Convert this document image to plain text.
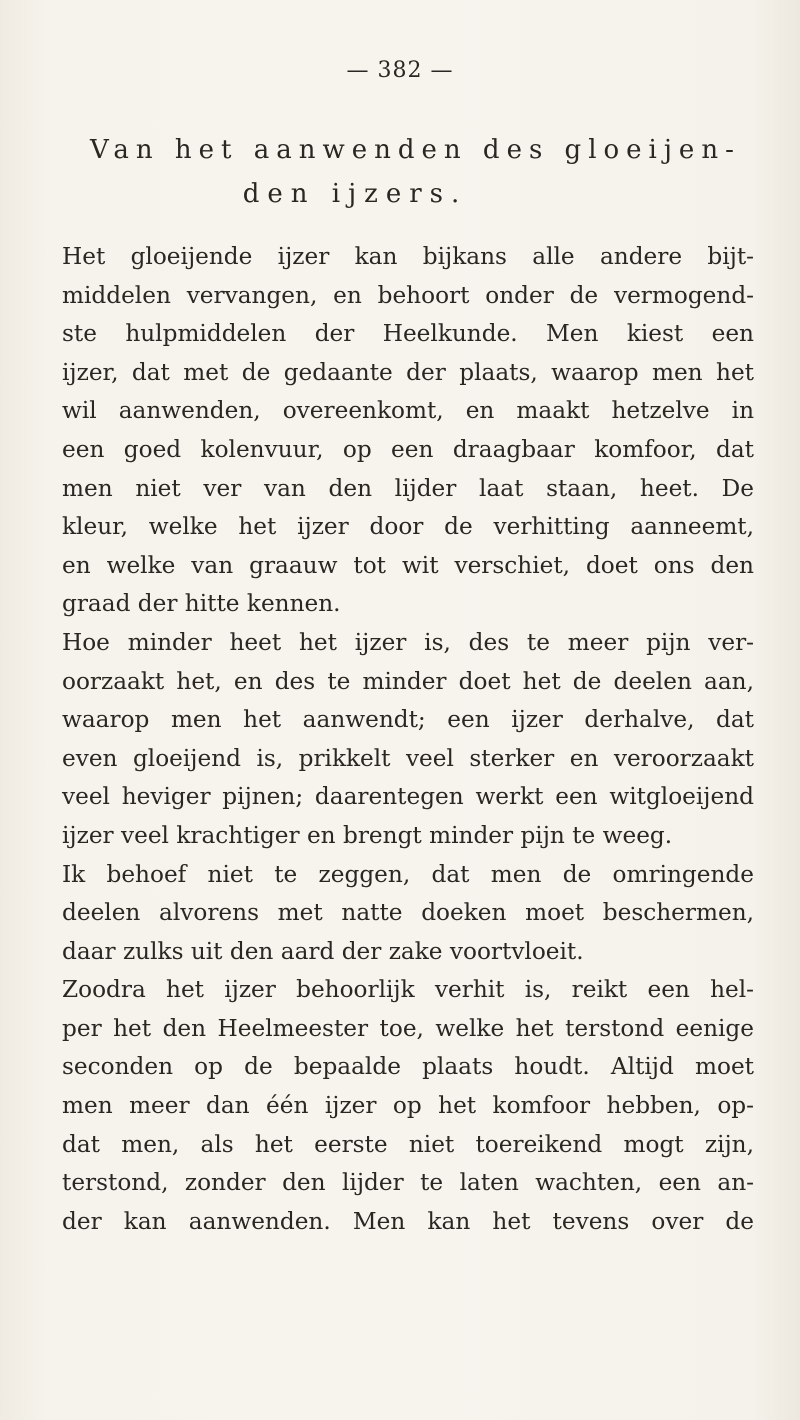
— 382 —
Van het aanwenden des gloeijen-
den ijzers.
Het gloeijende ijzer kan bijkans alle andere bijt-
middelen vervangen, en behoort onder de vermogend-
ste hulpmiddelen der Heelkunde. Men kiest een
ijzer, dat met de gedaante der plaats, waarop men het
wil aanwenden, overeenkomt, en maakt hetzelve in
een goed kolenvuur, op een draagbaar komfoor, dat
men niet ver van den lijder laat staan, heet. De
kleur, welke het ijzer door de verhitting aanneemt,
en welke van graauw tot wit verschiet, doet ons den
graad der hitte kennen.
Hoe minder heet het ijzer is, des te meer pijn ver-
oorzaakt het, en des te minder doet het de deelen aan,
waarop men het aanwendt; een ijzer derhalve, dat
even gloeijend is, prikkelt veel sterker en veroorzaakt
veel heviger pijnen; daarentegen werkt een witgloeijend
ijzer veel krachtiger en brengt minder pijn te weeg.
Ik behoef niet te zeggen, dat men de omringende
deelen alvorens met natte doeken moet beschermen,
daar zulks uit den aard der zake voortvloeit.
Zoodra het ijzer behoorlijk verhit is, reikt een hel-
per het den Heelmeester toe, welke het terstond eenige
seconden op de bepaalde plaats houdt. Altijd moet
men meer dan één ijzer op het komfoor hebben, op-
dat men, als het eerste niet toereikend mogt zijn,
terstond, zonder den lijder te laten wachten, een an-
der kan aanwenden. Men kan het tevens over de
